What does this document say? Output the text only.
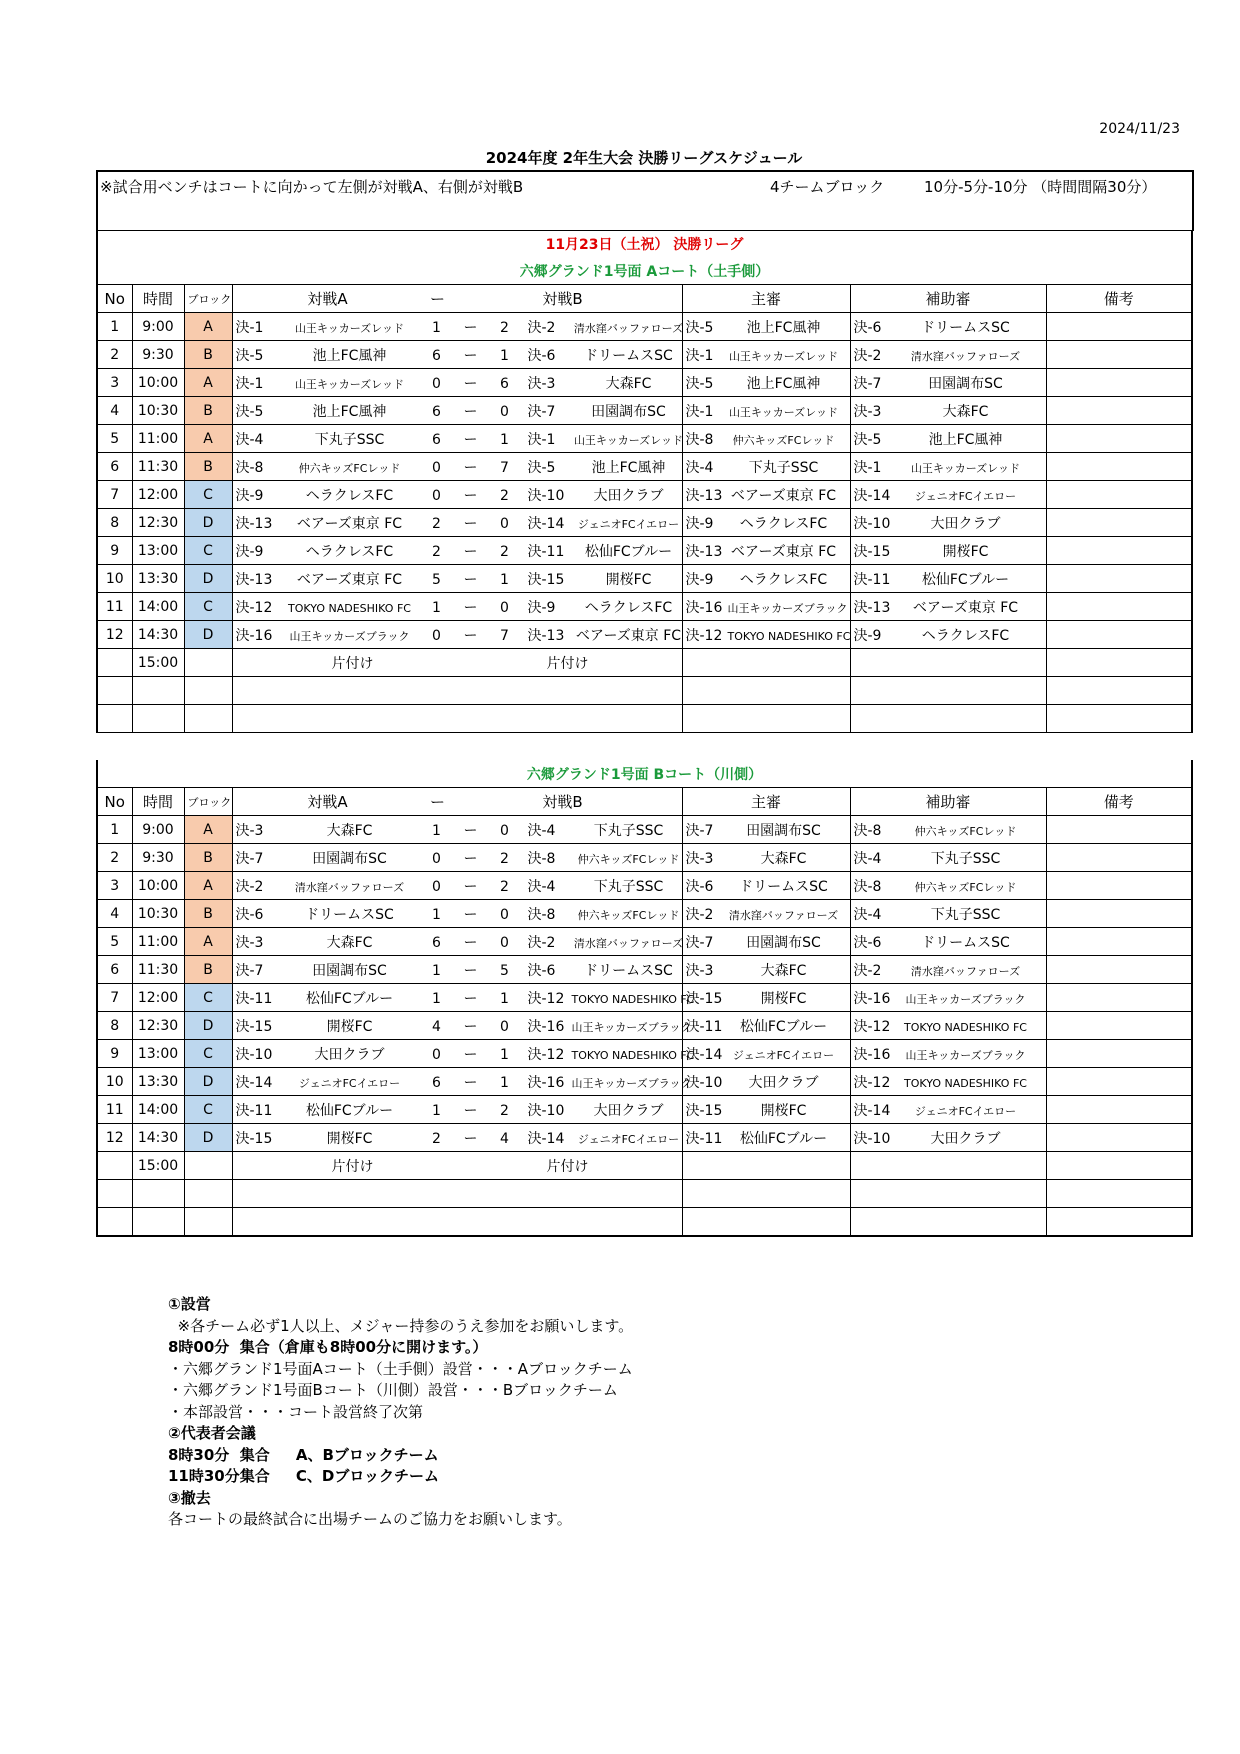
2024/11/23
2024年度 2年生大会 決勝リーグスケジュール
※試合用ベンチはコートに向かって左側が対戦A、右側が対戦B	4チームブロック	10分-5分-10分 （時間間隔30分）
11月23日（土祝） 決勝リーグ						
六郷グランド1号面 Aコート（土手側）						
No	時間	ブロック	対戦A ー 対戦B	主審	補助審	備考
1	9:00	A	決-1 山王キッカーズレッド 1 ー 2 決-2 清水窪バッファローズ	決-5 池上FC風神	決-6 ドリームスSC	
2	9:30	B	決-5 池上FC風神 6 ー 1 決-6 ドリームスSC	決-1 山王キッカーズレッド	決-2 清水窪バッファローズ	
3	10:00	A	決-1 山王キッカーズレッド 0 ー 6 決-3 大森FC	決-5 池上FC風神	決-7 田園調布SC	
4	10:30	B	決-5 池上FC風神 6 ー 0 決-7 田園調布SC	決-1 山王キッカーズレッド	決-3 大森FC	
5	11:00	A	決-4 下丸子SSC 6 ー 1 決-1 山王キッカーズレッド	決-8 仲六キッズFCレッド	決-5 池上FC風神	
6	11:30	B	決-8 仲六キッズFCレッド 0 ー 7 決-5 池上FC風神	決-4 下丸子SSC	決-1 山王キッカーズレッド	
7	12:00	C	決-9 ヘラクレスFC 0 ー 2 決-10 大田クラブ	決-13 ベアーズ東京 FC	決-14 ジェニオFCイエロー	
8	12:30	D	決-13 ベアーズ東京 FC 2 ー 0 決-14 ジェニオFCイエロー	決-9 ヘラクレスFC	決-10 大田クラブ	
9	13:00	C	決-9 ヘラクレスFC 2 ー 2 決-11 松仙FCブルー	決-13 ベアーズ東京 FC	決-15 開桜FC	
10	13:30	D	決-13 ベアーズ東京 FC 5 ー 1 決-15 開桜FC	決-9 ヘラクレスFC	決-11 松仙FCブルー	
11	14:00	C	決-12 TOKYO NADESHIKO FC 1 ー 0 決-9 ヘラクレスFC	決-16 山王キッカーズブラック	決-13 ベアーズ東京 FC	
12	14:30	D	決-16 山王キッカーズブラック 0 ー 7 決-13 ベアーズ東京 FC	決-12 TOKYO NADESHIKO FC	決-9 ヘラクレスFC	
	15:00		片付け 片付け			

六郷グランド1号面 Bコート（川側）						
No	時間	ブロック	対戦A ー 対戦B	主審	補助審	備考
1	9:00	A	決-3 大森FC 1 ー 0 決-4 下丸子SSC	決-7 田園調布SC	決-8 仲六キッズFCレッド	
2	9:30	B	決-7 田園調布SC 0 ー 2 決-8 仲六キッズFCレッド	決-3 大森FC	決-4 下丸子SSC	
3	10:00	A	決-2 清水窪バッファローズ 0 ー 2 決-4 下丸子SSC	決-6 ドリームスSC	決-8 仲六キッズFCレッド	
4	10:30	B	決-6 ドリームスSC 1 ー 0 決-8 仲六キッズFCレッド	決-2 清水窪バッファローズ	決-4 下丸子SSC	
5	11:00	A	決-3 大森FC 6 ー 0 決-2 清水窪バッファローズ	決-7 田園調布SC	決-6 ドリームスSC	
6	11:30	B	決-7 田園調布SC 1 ー 5 決-6 ドリームスSC	決-3 大森FC	決-2 清水窪バッファローズ	
7	12:00	C	決-11 松仙FCブルー 1 ー 1 決-12 TOKYO NADESHIKO FC	決-15 開桜FC	決-16 山王キッカーズブラック	
8	12:30	D	決-15 開桜FC 4 ー 0 決-16 山王キッカーズブラック	決-11 松仙FCブルー	決-12 TOKYO NADESHIKO FC	
9	13:00	C	決-10 大田クラブ 0 ー 1 決-12 TOKYO NADESHIKO FC	決-14 ジェニオFCイエロー	決-16 山王キッカーズブラック	
10	13:30	D	決-14 ジェニオFCイエロー 6 ー 1 決-16 山王キッカーズブラック	決-10 大田クラブ	決-12 TOKYO NADESHIKO FC	
11	14:00	C	決-11 松仙FCブルー 1 ー 2 決-10 大田クラブ	決-15 開桜FC	決-14 ジェニオFCイエロー	
12	14:30	D	決-15 開桜FC 2 ー 4 決-14 ジェニオFCイエロー	決-11 松仙FCブルー	決-10 大田クラブ	
	15:00		片付け 片付け			

①設営
※各チーム必ず1人以上、メジャー持参のうえ参加をお願いします。
8時00分  集合（倉庫も8時00分に開けます。）
・六郷グランド1号面Aコート（土手側）設営・・・Aブロックチーム
・六郷グランド1号面Bコート（川側）設営・・・Bブロックチーム
・本部設営・・・コート設営終了次第
②代表者会議
8時30分  集合     A、Bブロックチーム
11時30分集合     C、Dブロックチーム
③撤去
各コートの最終試合に出場チームのご協力をお願いします。
